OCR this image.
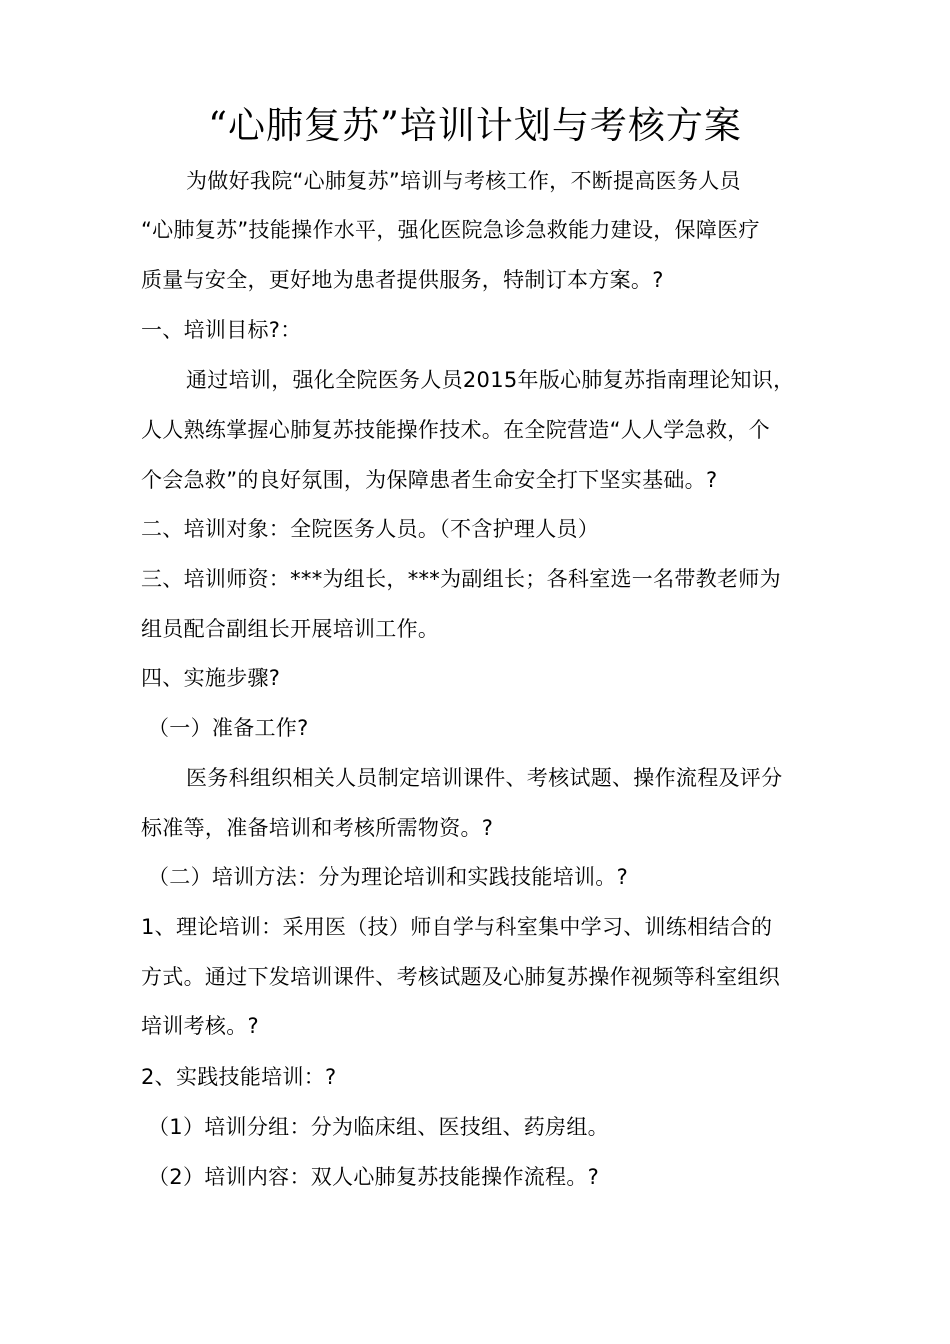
“心肺复苏”培训计划与考核方案
为做好我院“心肺复苏”培训与考核工作，不断提高医务人员
“心肺复苏”技能操作水平，强化医院急诊急救能力建设，保障医疗
质量与安全，更好地为患者提供服务，特制订本方案。?
一、培训目标?：
通过培训，强化全院医务人员2015年版心肺复苏指南理论知识，
人人熟练掌握心肺复苏技能操作技术。在全院营造“人人学急救，个
个会急救”的良好氛围，为保障患者生命安全打下坚实基础。?
二、培训对象：全院医务人员。（不含护理人员）
三、培训师资：***为组长，***为副组长；各科室选一名带教老师为
组员配合副组长开展培训工作。
四、实施步骤?
（一）准备工作?
医务科组织相关人员制定培训课件、考核试题、操作流程及评分
标准等，准备培训和考核所需物资。?
（二）培训方法：分为理论培训和实践技能培训。?
1、理论培训：采用医（技）师自学与科室集中学习、训练相结合的
方式。通过下发培训课件、考核试题及心肺复苏操作视频等科室组织
培训考核。?
2、实践技能培训：?
（1）培训分组：分为临床组、医技组、药房组。
（2）培训内容：双人心肺复苏技能操作流程。?
